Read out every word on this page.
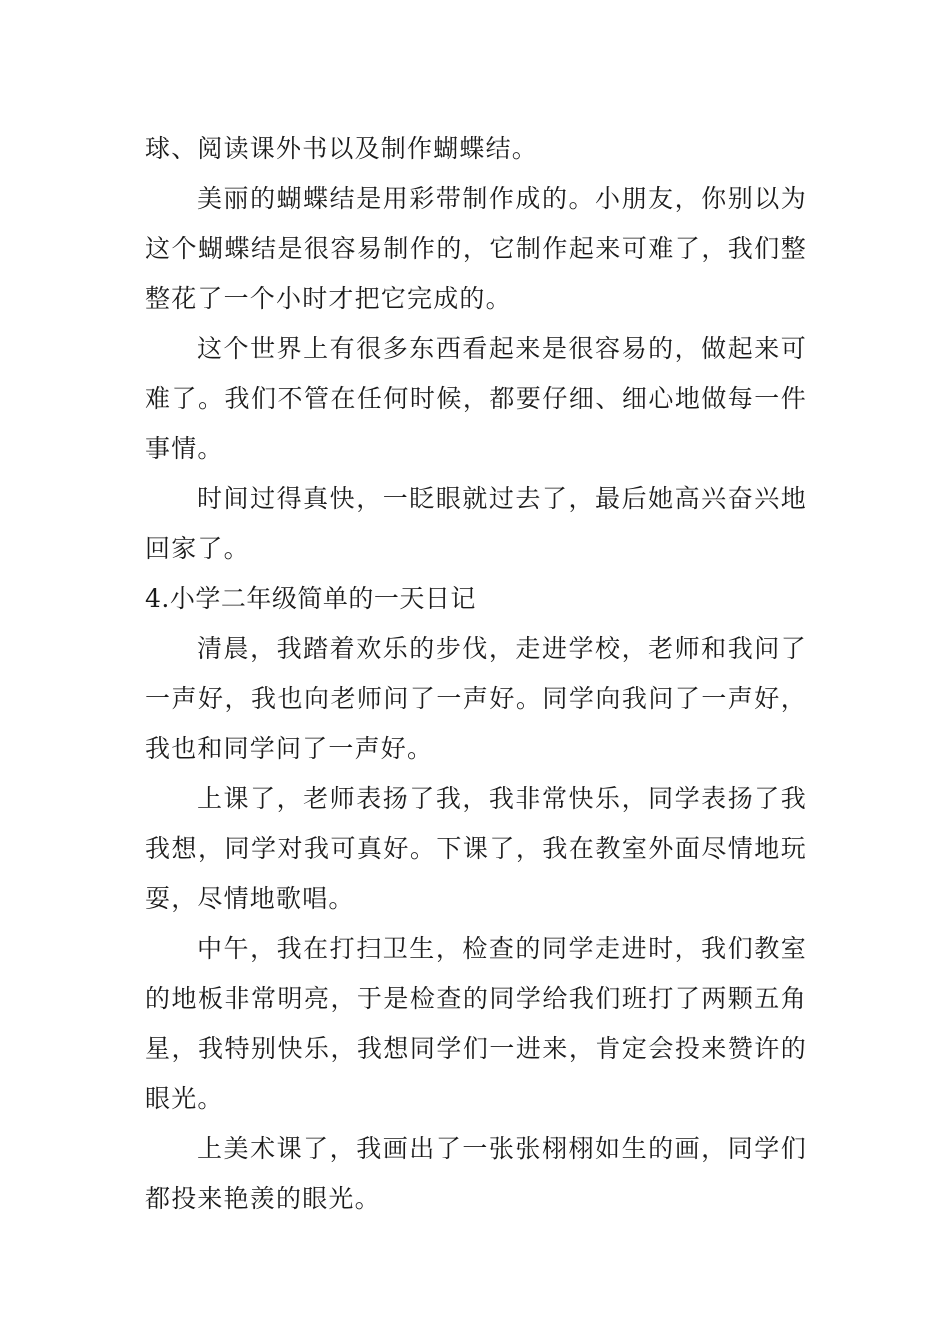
球、阅读课外书以及制作蝴蝶结。

美丽的蝴蝶结是用彩带制作成的。小朋友，你别以为这个蝴蝶结是很容易制作的，它制作起来可难了，我们整整花了一个小时才把它完成的。

这个世界上有很多东西看起来是很容易的，做起来可难了。我们不管在任何时候，都要仔细、细心地做每一件事情。

时间过得真快，一眨眼就过去了，最后她高兴奋兴地回家了。

4.小学二年级简单的一天日记

清晨，我踏着欢乐的步伐，走进学校，老师和我问了一声好，我也向老师问了一声好。同学向我问了一声好，我也和同学问了一声好。

上课了，老师表扬了我，我非常快乐，同学表扬了我我想，同学对我可真好。下课了，我在教室外面尽情地玩耍，尽情地歌唱。

中午，我在打扫卫生，检查的同学走进时，我们教室的地板非常明亮，于是检查的同学给我们班打了两颗五角星，我特别快乐，我想同学们一进来，肯定会投来赞许的眼光。

上美术课了，我画出了一张张栩栩如生的画，同学们都投来艳羡的眼光。
